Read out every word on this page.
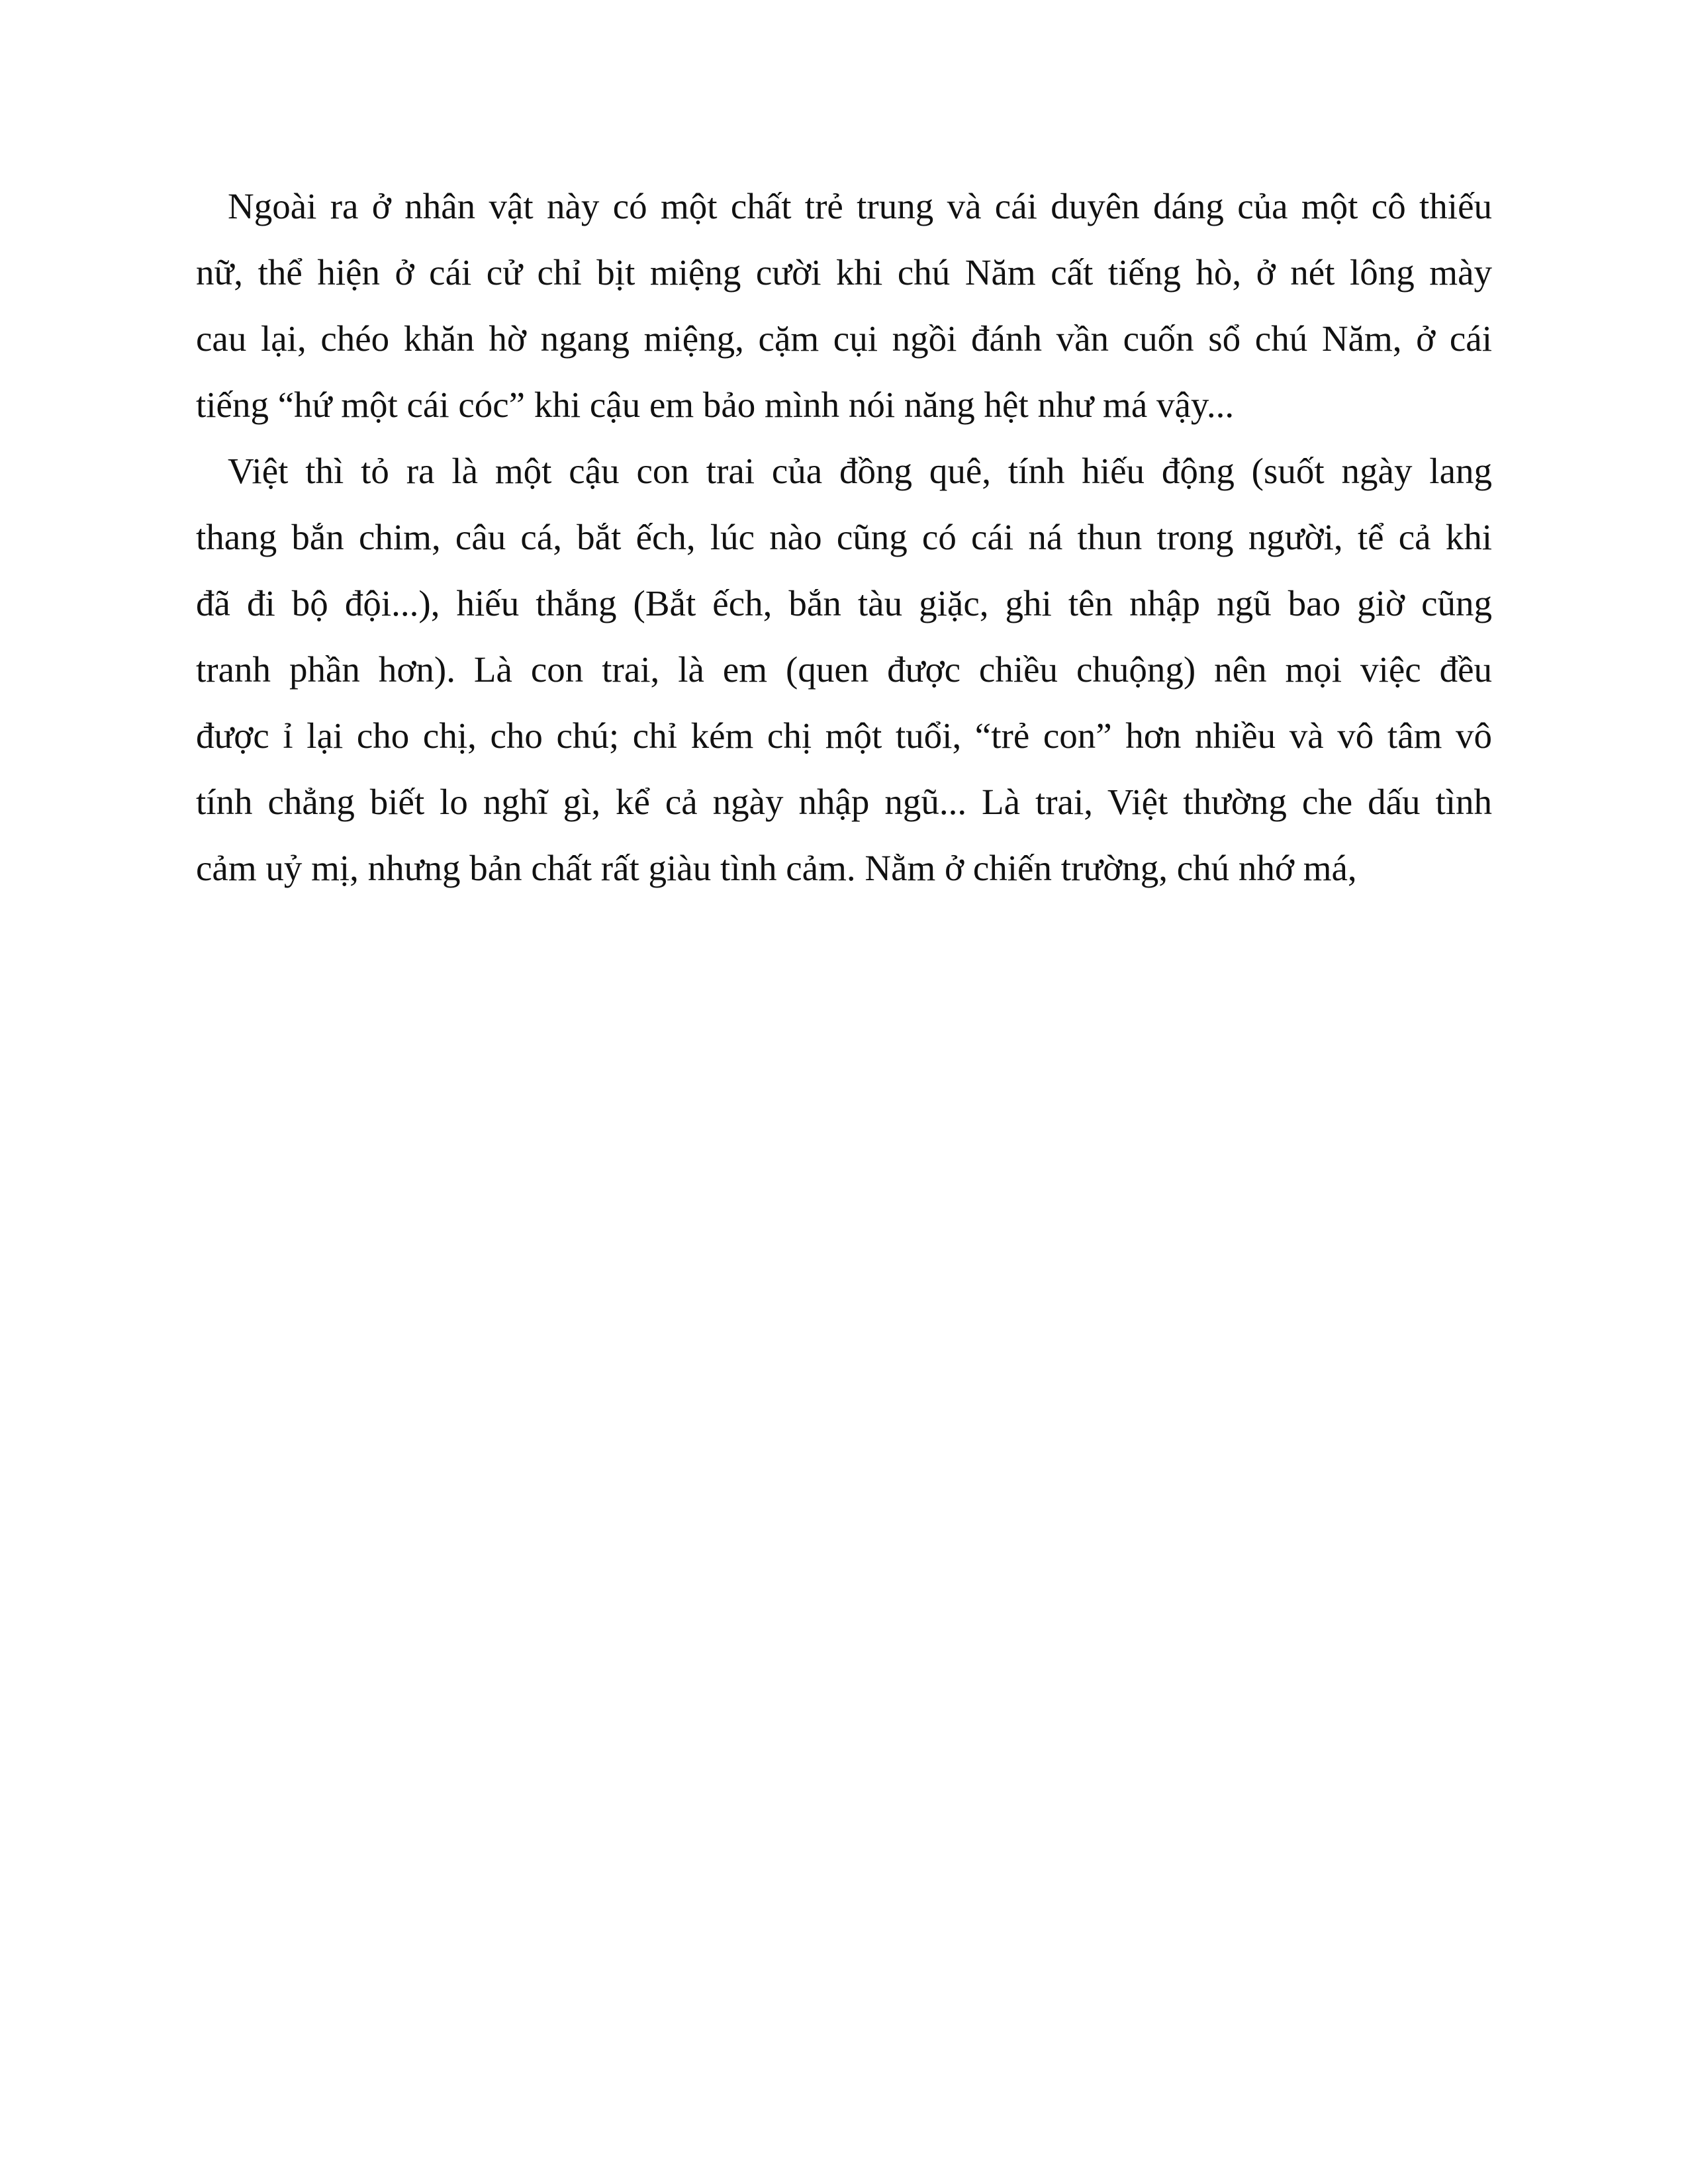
Ngoài ra ở nhân vật này có một chất trẻ trung và cái duyên dáng của một cô thiếu
nữ, thể hiện ở cái cử chỉ bịt miệng cười khi chú Năm cất tiếng hò, ở nét lông mày
cau lại, chéo khăn hờ ngang miệng, cặm cụi ngồi đánh vần cuốn sổ chú Năm, ở cái
tiếng “hứ một cái cóc” khi cậu em bảo mình nói năng hệt như má vậy...
Việt thì tỏ ra là một cậu con trai của đồng quê, tính hiếu động (suốt ngày lang
thang bắn chim, câu cá, bắt ếch, lúc nào cũng có cái ná thun trong người, tể cả khi
đã đi bộ đội...), hiếu thắng (Bắt ếch, bắn tàu giặc, ghi tên nhập ngũ bao giờ cũng
tranh phần hơn). Là con trai, là em (quen được chiều chuộng) nên mọi việc đều
được ỉ lại cho chị, cho chú; chỉ kém chị một tuổi, “trẻ con” hơn nhiều và vô tâm vô
tính chẳng biết lo nghĩ gì, kể cả ngày nhập ngũ... Là trai, Việt thường che dấu tình
cảm uỷ mị, nhưng bản chất rất giàu tình cảm. Nằm ở chiến trường, chú nhớ má,
